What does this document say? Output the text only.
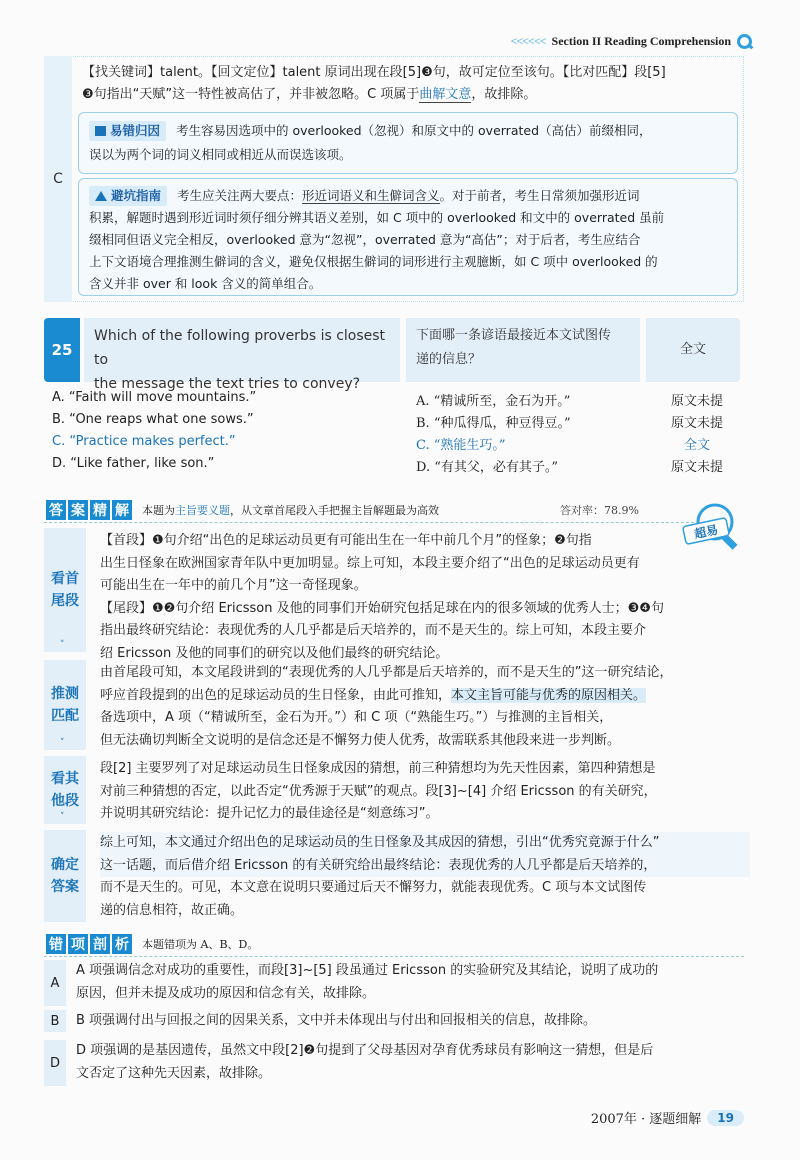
<<<<<< Section II Reading Comprehension
C
【找关键词】talent。【回文定位】talent 原词出现在段[5]❸句，故可定位至该句。【比对匹配】段[5]
❸句指出“天赋”这一特性被高估了，并非被忽略。C 项属于曲解文意，故排除。
易错归因 考生容易因选项中的 overlooked（忽视）和原文中的 overrated（高估）前缀相同，
误以为两个词的词义相同或相近从而误选该项。
避坑指南 考生应关注两大要点：形近词语义和生僻词含义。对于前者，考生日常须加强形近词
积累，解题时遇到形近词时须仔细分辨其语义差别，如 C 项中的 overlooked 和文中的 overrated 虽前
缀相同但语义完全相反，overlooked 意为“忽视”，overrated 意为“高估”；对于后者，考生应结合
上下文语境合理推测生僻词的含义，避免仅根据生僻词的词形进行主观臆断，如 C 项中 overlooked 的
含义并非 over 和 look 含义的简单组合。
25
Which of the following proverbs is closest to
the message the text tries to convey?
下面哪一条谚语最接近本文试图传
递的信息？
全文
A. “Faith will move mountains.”	A. “精诚所至，金石为开。”	原文未提
B. “One reaps what one sows.”	B. “种瓜得瓜，种豆得豆。”	原文未提
C. “Practice makes perfect.”	C. “熟能生巧。”	全文
D. “Like father, like son.”	D. “有其父，必有其子。”	原文未提
答 案 精 解 本题为主旨要义题，从文章首尾段入手把握主旨解题最为高效	答对率：78.9%
超易
看首
尾段
˅
【首段】❶句介绍“出色的足球运动员更有可能出生在一年中前几个月”的怪象；❷句指
出生日怪象在欧洲国家青年队中更加明显。综上可知，本段主要介绍了“出色的足球运动员更有
可能出生在一年中的前几个月”这一奇怪现象。
【尾段】❶❷句介绍 Ericsson 及他的同事们开始研究包括足球在内的很多领域的优秀人士；❸❹句
指出最终研究结论：表现优秀的人几乎都是后天培养的，而不是天生的。综上可知，本段主要介
绍 Ericsson 及他的同事们的研究以及他们最终的研究结论。
推测
匹配
˅
由首尾段可知，本文尾段讲到的“表现优秀的人几乎都是后天培养的，而不是天生的”这一研究结论，
呼应首段提到的出色的足球运动员的生日怪象，由此可推知，本文主旨可能与优秀的原因相关。
备选项中，A 项（“精诚所至，金石为开。”）和 C 项（“熟能生巧。”）与推测的主旨相关，
但无法确切判断全文说明的是信念还是不懈努力使人优秀，故需联系其他段来进一步判断。
看其
他段
˅
段[2] 主要罗列了对足球运动员生日怪象成因的猜想，前三种猜想均为先天性因素，第四种猜想是
对前三种猜想的否定，以此否定“优秀源于天赋”的观点。段[3]~[4] 介绍 Ericsson 的有关研究，
并说明其研究结论：提升记忆力的最佳途径是“刻意练习”。
确定
答案
综上可知，本文通过介绍出色的足球运动员的生日怪象及其成因的猜想，引出“优秀究竟源于什么”
这一话题，而后借介绍 Ericsson 的有关研究给出最终结论：表现优秀的人几乎都是后天培养的，
而不是天生的。可见，本文意在说明只要通过后天不懈努力，就能表现优秀。C 项与本文试图传
递的信息相符，故正确。
错 项 剖 析 本题错项为 A、B、D。
A
A 项强调信念对成功的重要性，而段[3]~[5] 段虽通过 Ericsson 的实验研究及其结论，说明了成功的
原因，但并未提及成功的原因和信念有关，故排除。
B	B 项强调付出与回报之间的因果关系，文中并未体现出与付出和回报相关的信息，故排除。
D
D 项强调的是基因遗传，虽然文中段[2]❷句提到了父母基因对孕育优秀球员有影响这一猜想，但是后
文否定了这种先天因素，故排除。
2007年 · 逐题细解	19
